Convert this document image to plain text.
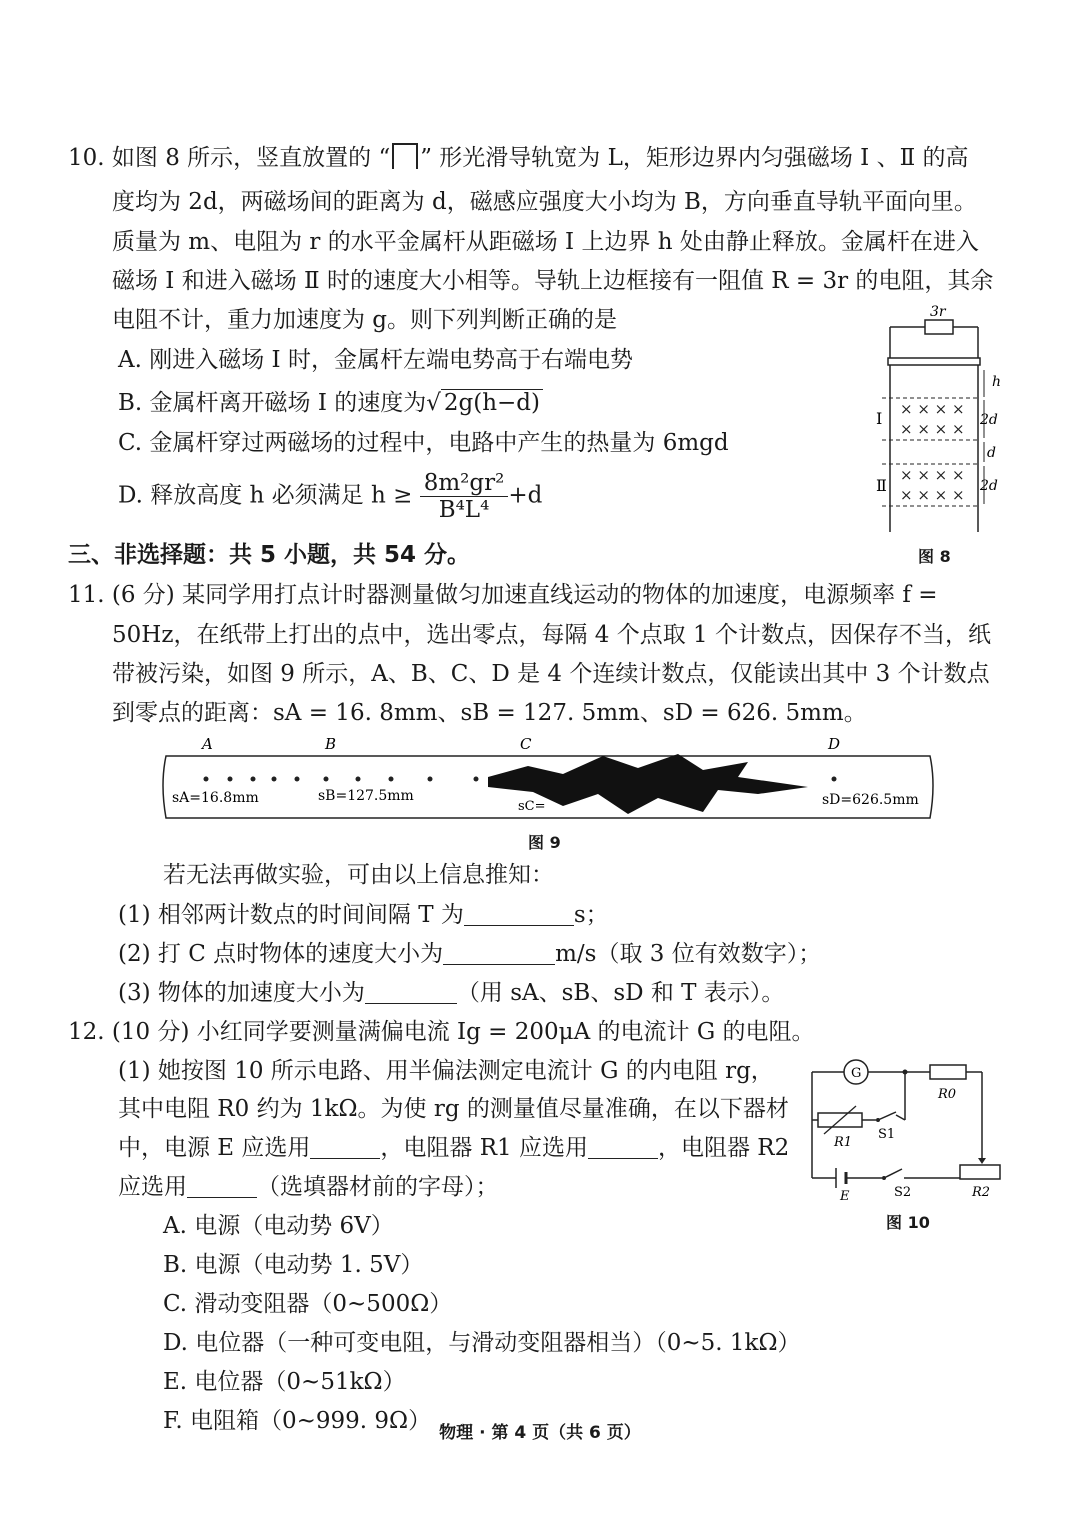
10. 如图 8 所示，竖直放置的 “ ” 形光滑导轨宽为 L，矩形边界内匀强磁场 Ⅰ 、Ⅱ 的高
度均为 2d，两磁场间的距离为 d，磁感应强度大小均为 B，方向垂直导轨平面向里。
质量为 m、电阻为 r 的水平金属杆从距磁场 Ⅰ 上边界 h 处由静止释放。金属杆在进入
磁场 Ⅰ 和进入磁场 Ⅱ 时的速度大小相等。导轨上边框接有一阻值 R = 3r 的电阻，其余
电阻不计，重力加速度为 g。则下列判断正确的是
A. 刚进入磁场 Ⅰ 时，金属杆左端电势高于右端电势
B. 金属杆离开磁场 Ⅰ 的速度为√ 2g(h−d)
C. 金属杆穿过两磁场的过程中，电路中产生的热量为 6mgd
D. 释放高度 h 必须满足 $h \ge \frac{\text{8m²gr²}}{\text{B⁴L⁴}} +d$
3r
h
Ⅰ × × × ×
× × × × 2d
d
Ⅱ
× × × ×
× × × × 2d
图 8
三、非选择题：共 5 小题，共 54 分。
11. (6 分) 某同学用打点计时器测量做匀加速直线运动的物体的加速度，电源频率 f =
50Hz，在纸带上打出的点中，选出零点，每隔 4 个点取 1 个计数点，因保存不当，纸
带被污染，如图 9 所示，A、B、C、D 是 4 个连续计数点，仅能读出其中 3 个计数点
到零点的距离：sA = 16. 8mm、sB = 127. 5mm、sD = 626. 5mm。
A	B	C	D
sA=16.8mm	sB=127.5mm
sC=	sD=626.5mm
图 9
若无法再做实验，可由以上信息推知：
(1) 相邻两计数点的时间间隔 T 为	s；
(2) 打 C 点时物体的速度大小为	m/s（取 3 位有效数字）；
(3) 物体的加速度大小为	（用 sA、sB、sD 和 T 表示）。
12. (10 分) 小红同学要测量满偏电流 Ig = 200μA 的电流计 G 的电阻。
(1) 她按图 10 所示电路、用半偏法测定电流计 G 的内电阻 rg，
其中电阻 R0 约为 1kΩ。为使 rg 的测量值尽量准确，在以下器材
中，电源 E 应选用	，电阻器 R1 应选用	，电阻器 R2
应选用	（选填器材前的字母）；
A. 电源（电动势 6V）
B. 电源（电动势 1. 5V）
C. 滑动变阻器（0~500Ω）
D. 电位器（一种可变电阻，与滑动变阻器相当）（0~5. 1kΩ）
E. 电位器（0~51kΩ）
F. 电阻箱（0~999. 9Ω）
G
R0
R1
S1
E	S2	R2
图 10
物理 · 第 4 页（共 6 页）
